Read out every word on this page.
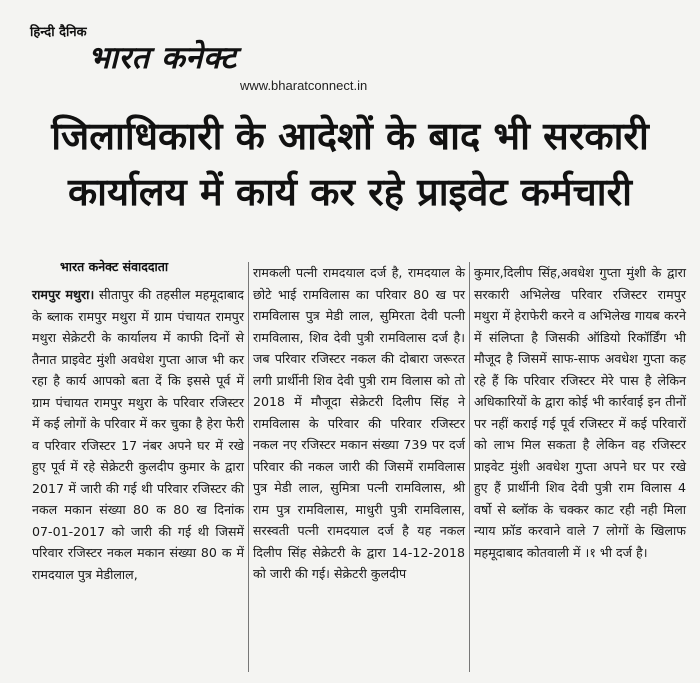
हिन्दी दैनिक
भारत कनेक्ट
www.bharatconnect.in
जिलाधिकारी के आदेशों के बाद भी सरकारी
कार्यालय में कार्य कर रहे प्राइवेट कर्मचारी
भारत कनेक्ट संवाददाता
रामपुर मथुरा। सीतापुर की तहसील महमूदाबाद के ब्लाक रामपुर मथुरा में ग्राम पंचायत रामपुर मथुरा सेक्रेटरी के कार्यालय में काफी दिनों से तैनात प्राइवेट मुंशी अवधेश गुप्ता आज भी कर रहा है कार्य आपको बता दें कि इससे पूर्व में ग्राम पंचायत रामपुर मथुरा के परिवार रजिस्टर में कई लोगों के परिवार में कर चुका है हेरा फेरी व परिवार रजिस्टर 17 नंबर अपने घर में रखे हुए पूर्व में रहे सेक्रेटरी कुलदीप कुमार के द्वारा 2017 में जारी की गई थी परिवार रजिस्टर की नकल मकान संख्या 80 क 80 ख दिनांक 07-01-2017 को जारी की गई थी जिसमें परिवार रजिस्टर नकल मकान संख्या 80 क में रामदयाल पुत्र मेडीलाल,
रामकली पत्नी रामदयाल दर्ज है, रामदयाल के छोटे भाई रामविलास का परिवार 80 ख पर रामविलास पुत्र मेडी लाल, सुमिरता देवी पत्नी रामविलास, शिव देवी पुत्री रामविलास दर्ज है। जब परिवार रजिस्टर नकल की दोबारा जरूरत लगी प्रार्थीनी शिव देवी पुत्री राम विलास को तो 2018 में मौजूदा सेक्रेटरी दिलीप सिंह ने रामविलास के परिवार की परिवार रजिस्टर नकल नए रजिस्टर मकान संख्या 739 पर दर्ज परिवार की नकल जारी की जिसमें रामविलास पुत्र मेडी लाल, सुमित्रा पत्नी रामविलास, श्री राम पुत्र रामविलास, माधुरी पुत्री रामविलास, सरस्वती पत्नी रामदयाल दर्ज है यह नकल दिलीप सिंह सेक्रेटरी के द्वारा 14-12-2018 को जारी की गई। सेक्रेटरी कुलदीप
कुमार,दिलीप सिंह,अवधेश गुप्ता मुंशी के द्वारा सरकारी अभिलेख परिवार रजिस्टर रामपुर मथुरा में हेराफेरी करने व अभिलेख गायब करने में संलिप्ता है जिसकी ऑडियो रिकॉर्डिंग भी मौजूद है जिसमें साफ-साफ अवधेश गुप्ता कह रहे हैं कि परिवार रजिस्टर मेरे पास है लेकिन अधिकारियों के द्वारा कोई भी कार्रवाई इन तीनों पर नहीं कराई गई पूर्व रजिस्टर में कई परिवारों को लाभ मिल सकता है लेकिन वह रजिस्टर प्राइवेट मुंशी अवधेश गुप्ता अपने घर पर रखे हुए हैं प्रार्थीनी शिव देवी पुत्री राम विलास 4 वर्षो से ब्लॉक के चक्कर काट रही नही मिला न्याय फ्रॉड करवाने वाले 7 लोगों के खिलाफ महमूदाबाद कोतवाली में ।१ भी दर्ज है।
